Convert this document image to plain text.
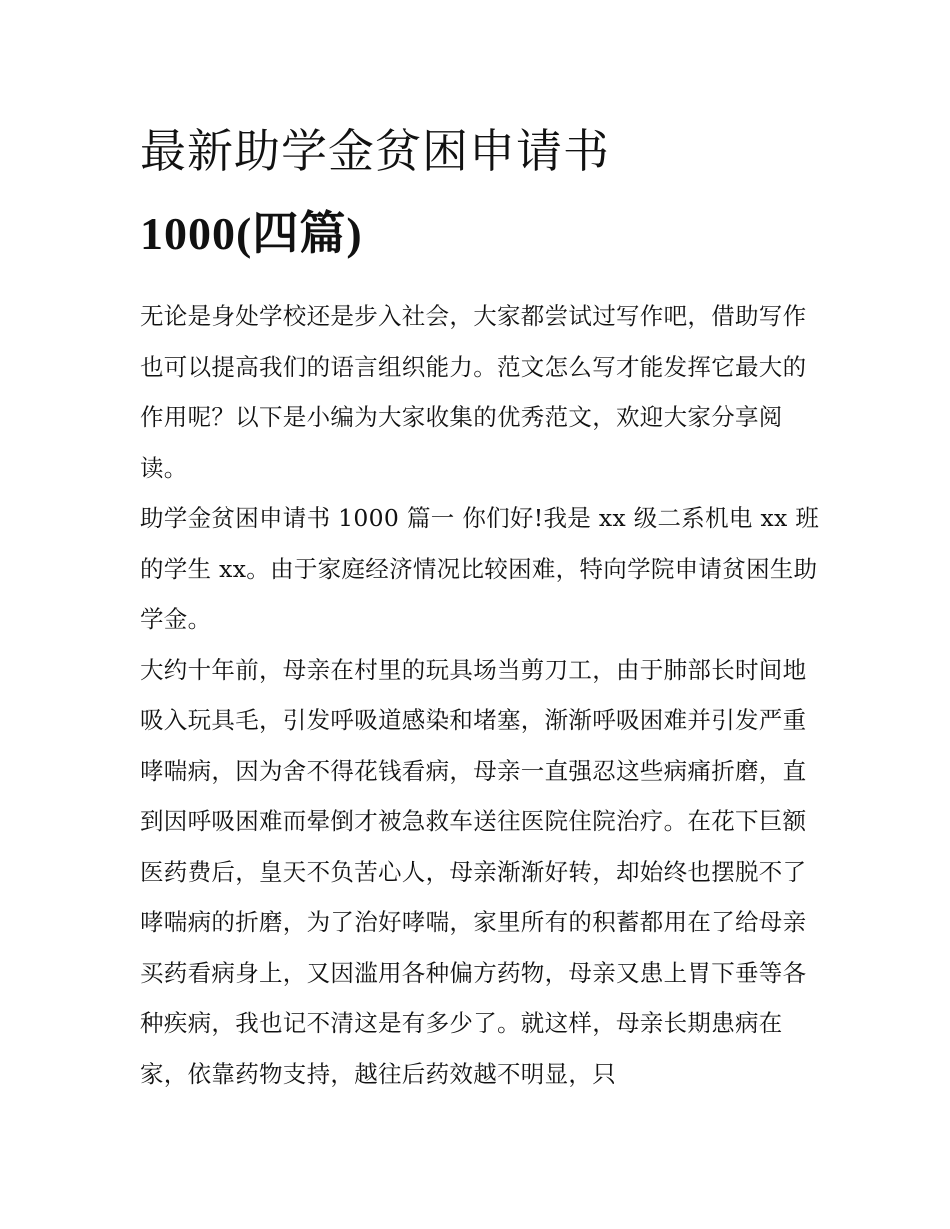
最新助学金贫困申请书
1000(四篇)

无论是身处学校还是步入社会，大家都尝试过写作吧，借助写作也可以提高我们的语言组织能力。范文怎么写才能发挥它最大的作用呢？以下是小编为大家收集的优秀范文，欢迎大家分享阅读。

助学金贫困申请书 1000 篇一 你们好!我是 xx 级二系机电 xx 班的学生 xx。由于家庭经济情况比较困难，特向学院申请贫困生助学金。

大约十年前，母亲在村里的玩具场当剪刀工，由于肺部长时间地吸入玩具毛，引发呼吸道感染和堵塞，渐渐呼吸困难并引发严重哮喘病，因为舍不得花钱看病，母亲一直强忍这些病痛折磨，直到因呼吸困难而晕倒才被急救车送往医院住院治疗。在花下巨额医药费后，皇天不负苦心人，母亲渐渐好转，却始终也摆脱不了哮喘病的折磨，为了治好哮喘，家里所有的积蓄都用在了给母亲买药看病身上，又因滥用各种偏方药物，母亲又患上胃下垂等各种疾病，我也记不清这是有多少了。就这样，母亲长期患病在家，依靠药物支持，越往后药效越不明显，只
